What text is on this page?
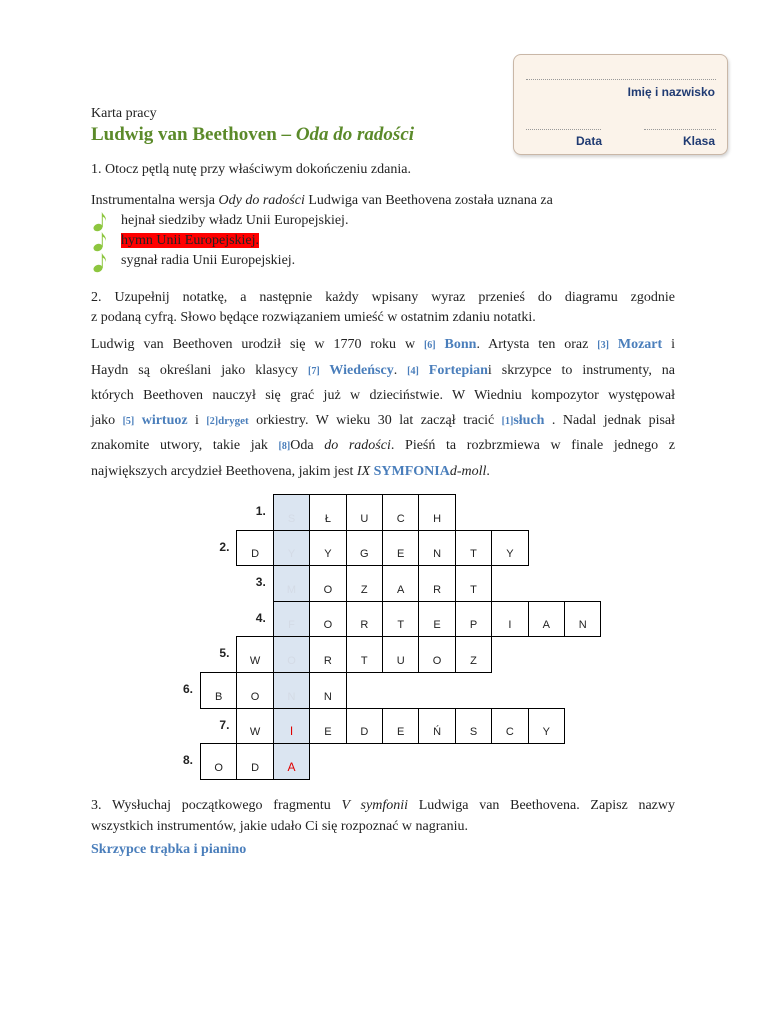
Imię i nazwisko
Data	Klasa
Karta pracy
Ludwig van Beethoven – Oda do radości
1. Otocz pętlą nutę przy właściwym dokończeniu zdania.
Instrumentalna wersja Ody do radości Ludwiga van Beethovena została uznana za
hejnał siedziby władz Unii Europejskiej.
hymn Unii Europejskiej.
sygnał radia Unii Europejskiej.
2. Uzupełnij notatkę, a następnie każdy wpisany wyraz przenieś do diagramu zgodnie
z podaną cyfrą. Słowo będące rozwiązaniem umieść w ostatnim zdaniu notatki.
Ludwig van Beethoven urodził się w 1770 roku w [6] Bonn. Artysta ten oraz [3] Mozart i
Haydn są określani jako klasycy [7] Wiedeńscy. [4] Fortepiani skrzypce to instrumenty, na
których Beethoven nauczył się grać już w dzieciństwie. W Wiedniu kompozytor występował
jako [5] wirtuoz i [2]dryget orkiestry. W wieku 30 lat zaczął tracić [1]słuch . Nadal jednak pisał
znakomite utwory, takie jak [8]Oda do radości. Pieśń ta rozbrzmiewa w finale jednego z
największych arcydzieł Beethovena, jakim jest IX SYMFONIAd-moll.
1.
S	Ł	U	C	H
2.
D	Y	Y	G	E	N	T	Y
3.
M	O	Z	A	R	T
4.
F	O	R	T	E	P	I	A	N
5.
W	O	R	T	U	O	Z
6.
B	O	N	N
7.
W	I	E	D	E	Ń	S	C	Y
8.
O	D	A
3. Wysłuchaj początkowego fragmentu V symfonii Ludwiga van Beethovena. Zapisz nazwy
wszystkich instrumentów, jakie udało Ci się rozpoznać w nagraniu.
Skrzypce trąbka i pianino
